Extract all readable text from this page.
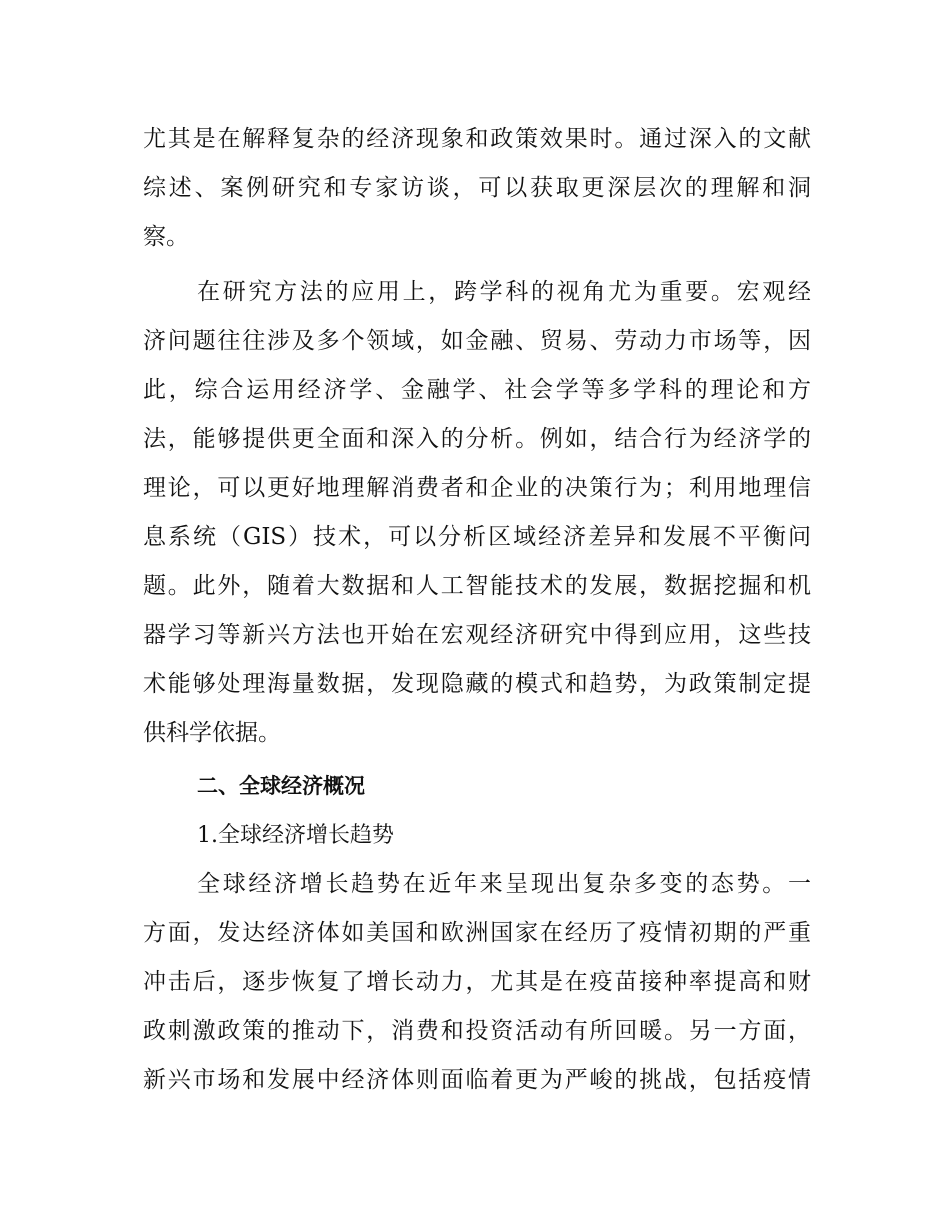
尤其是在解释复杂的经济现象和政策效果时。通过深入的文献
综述、案例研究和专家访谈，可以获取更深层次的理解和洞
察。
在研究方法的应用上，跨学科的视角尤为重要。宏观经
济问题往往涉及多个领域，如金融、贸易、劳动力市场等，因
此，综合运用经济学、金融学、社会学等多学科的理论和方
法，能够提供更全面和深入的分析。例如，结合行为经济学的
理论，可以更好地理解消费者和企业的决策行为；利用地理信
息系统（GIS）技术，可以分析区域经济差异和发展不平衡问
题。此外，随着大数据和人工智能技术的发展，数据挖掘和机
器学习等新兴方法也开始在宏观经济研究中得到应用，这些技
术能够处理海量数据，发现隐藏的模式和趋势，为政策制定提
供科学依据。
二、全球经济概况
1.全球经济增长趋势
全球经济增长趋势在近年来呈现出复杂多变的态势。一
方面，发达经济体如美国和欧洲国家在经历了疫情初期的严重
冲击后，逐步恢复了增长动力，尤其是在疫苗接种率提高和财
政刺激政策的推动下，消费和投资活动有所回暖。另一方面，
新兴市场和发展中经济体则面临着更为严峻的挑战，包括疫情
